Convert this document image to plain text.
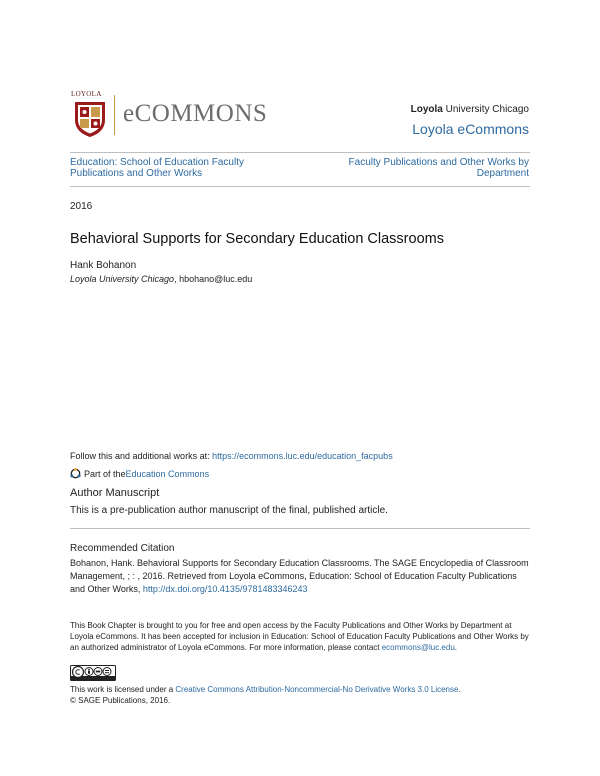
LOYOLA
eCOMMONS	Loyola University Chicago
Loyola eCommons
Education: School of Education Faculty Publications and Other Works
Faculty Publications and Other Works by Department
2016
Behavioral Supports for Secondary Education Classrooms
Hank Bohanon
Loyola University Chicago, hbohano@luc.edu
Follow this and additional works at: https://ecommons.luc.edu/education_facpubs
Part of the Education Commons
Author Manuscript
This is a pre-publication author manuscript of the final, published article.
Recommended Citation
Bohanon, Hank. Behavioral Supports for Secondary Education Classrooms. The SAGE Encyclopedia of Classroom Management, ; : , 2016. Retrieved from Loyola eCommons, Education: School of Education Faculty Publications and Other Works, http://dx.doi.org/10.4135/9781483346243
This Book Chapter is brought to you for free and open access by the Faculty Publications and Other Works by Department at Loyola eCommons. It has been accepted for inclusion in Education: School of Education Faculty Publications and Other Works by an authorized administrator of Loyola eCommons. For more information, please contact ecommons@luc.edu.
This work is licensed under a Creative Commons Attribution-Noncommercial-No Derivative Works 3.0 License.
© SAGE Publications, 2016.
